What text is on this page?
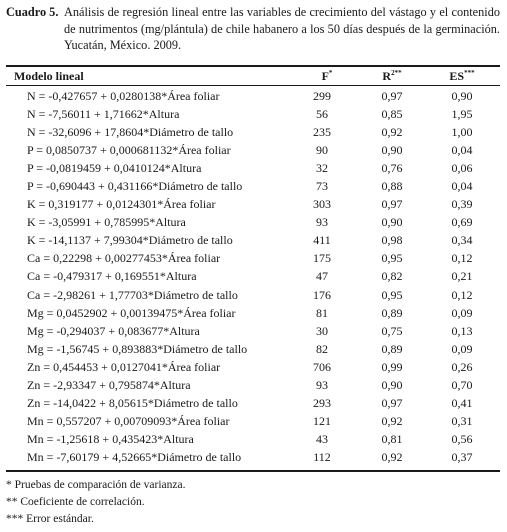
Cuadro 5. Análisis de regresión lineal entre las variables de crecimiento del vástago y el contenido de nutrimentos (mg/plántula) de chile habanero a los 50 días después de la germinación. Yucatán, México. 2009.
Modelo lineal	F*	$R^{2**}$	ES***
N = -0,427657 + 0,0280138*Área foliar	299	0,97	0,90
N = -7,56011 + 1,71662*Altura	56	0,85	1,95
N = -32,6096 + 17,8604*Diámetro de tallo	235	0,92	1,00
P = 0,0850737 + 0,000681132*Área foliar	90	0,90	0,04
P = -0,0819459 + 0,0410124*Altura	32	0,76	0,06
P = -0,690443 + 0,431166*Diámetro de tallo	73	0,88	0,04
K = 0,319177 + 0,0124301*Área foliar	303	0,97	0,39
K = -3,05991 + 0,785995*Altura	93	0,90	0,69
K = -14,1137 + 7,99304*Diámetro de tallo	411	0,98	0,34
Ca = 0,22298 + 0,00277453*Área foliar	175	0,95	0,12
Ca = -0,479317 + 0,169551*Altura	47	0,82	0,21
Ca = -2,98261 + 1,77703*Diámetro de tallo	176	0,95	0,12
Mg = 0,0452902 + 0,00139475*Área foliar	81	0,89	0,09
Mg = -0,294037 + 0,083677*Altura	30	0,75	0,13
Mg = -1,56745 + 0,893883*Diámetro de tallo	82	0,89	0,09
Zn = 0,454453 + 0,0127041*Área foliar	706	0,99	0,26
Zn = -2,93347 + 0,795874*Altura	93	0,90	0,70
Zn = -14,0422 + 8,05615*Diámetro de tallo	293	0,97	0,41
Mn = 0,557207 + 0,00709093*Área foliar	121	0,92	0,31
Mn = -1,25618 + 0,435423*Altura	43	0,81	0,56
Mn = -7,60179 + 4,52665*Diámetro de tallo	112	0,92	0,37
* Pruebas de comparación de varianza.
** Coeficiente de correlación.
*** Error estándar.
